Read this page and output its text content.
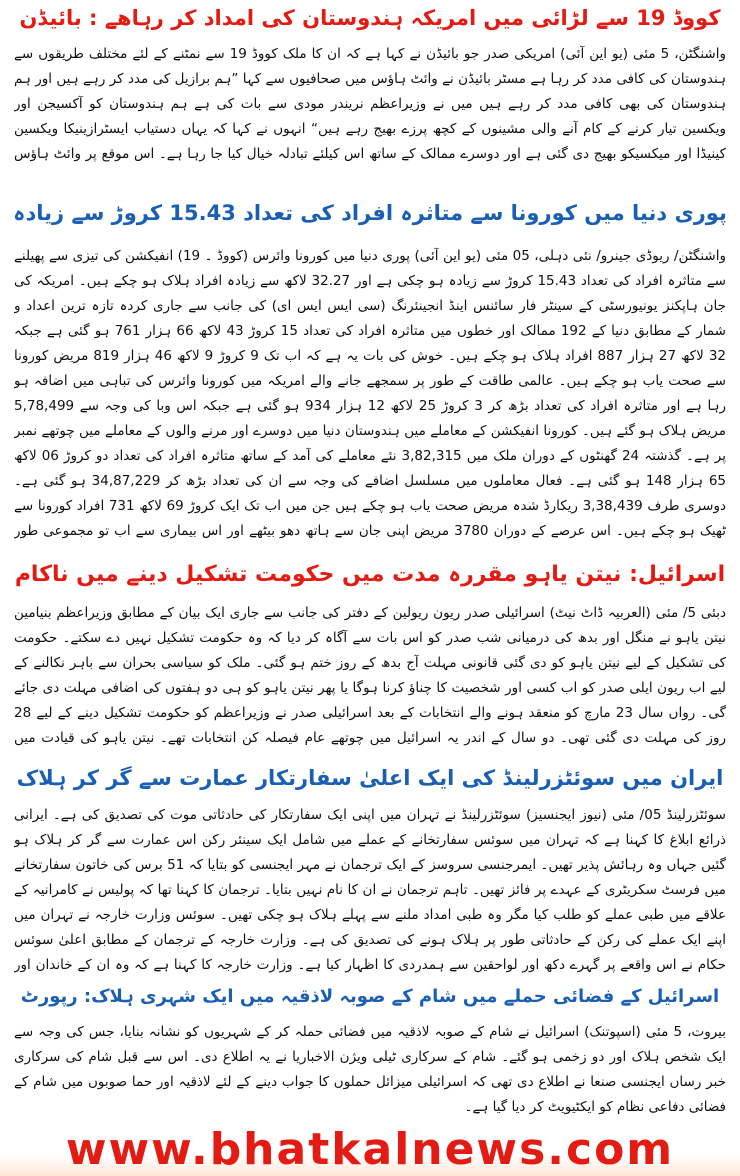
کووڈ 19 سے لڑائی میں امریکہ ہندوستان کی امداد کر رہاھے : بائیڈن
واشنگٹن، 5 مئی (یو این آئی) امریکی صدر جو بائیڈن نے کہا ہے کہ ان کا ملک کووڈ 19 سے نمٹنے کے لئے مختلف طریقوں سے ہندوستان کی کافی مدد کر رہا ہے مسٹر بائیڈن نے وائٹ ہاؤس میں صحافیوں سے کہا ”ہم برازیل کی مدد کر رہے ہیں اور ہم ہندوستان کی بھی کافی مدد کر رہے ہیں میں نے وزیراعظم نریندر مودی سے بات کی ہے ہم ہندوستان کو آکسیجن اور ویکسین تیار کرنے کے کام آنے والی مشینوں کے کچھ پرزے بھیج رہے ہیں“ انہوں نے کہا کہ یہاں دستیاب ایسٹرازینیکا ویکسین کینیڈا اور میکسیکو بھیج دی گئی ہے اور دوسرے ممالک کے ساتھ اس کیلئے تبادلہ خیال کیا جا رہا ہے۔ اس موقع پر وائٹ ہاؤس
پوری دنیا میں کورونا سے متاثرہ افراد کی تعداد 15.43 کروڑ سے زیادہ
واشنگٹن/ ریوڈی جینرو/ نئی دہلی، 05 مئی (یو این آئی) پوری دنیا میں کورونا وائرس (کووڈ ۔ 19) انفیکشن کی تیزی سے پھیلنے سے متاثرہ افراد کی تعداد 15.43 کروڑ سے زیادہ ہو چکی ہے اور 32.27 لاکھ سے زیادہ افراد ہلاک ہو چکے ہیں۔ امریکہ کی جان ہاپکنز یونیورسٹی کے سینٹر فار سائنس اینڈ انجینئرنگ (سی ایس ایس ای) کی جانب سے جاری کردہ تازہ ترین اعداد و شمار کے مطابق دنیا کے 192 ممالک اور خطوں میں متاثرہ افراد کی تعداد 15 کروڑ 43 لاکھ 66 ہزار 761 ہو گئی ہے جبکہ 32 لاکھ 27 ہزار 887 افراد ہلاک ہو چکے ہیں۔ خوش کی بات یہ ہے کہ اب تک 9 کروڑ 9 لاکھ 46 ہزار 819 مریض کورونا سے صحت یاب ہو چکے ہیں۔ عالمی طاقت کے طور پر سمجھے جانے والے امریکہ میں کورونا وائرس کی تباہی میں اضافہ ہو رہا ہے اور متاثرہ افراد کی تعداد بڑھ کر 3 کروڑ 25 لاکھ 12 ہزار 934 ہو گئی ہے جبکہ اس وبا کی وجہ سے 5,78,499 مریض ہلاک ہو گئے ہیں۔ کورونا انفیکشن کے معاملے میں ہندوستان دنیا میں دوسرے اور مرنے والوں کے معاملے میں چوتھے نمبر پر ہے۔ گذشتہ 24 گھنٹوں کے دوران ملک میں 3,82,315 نئے معاملے کی آمد کے ساتھ متاثرہ افراد کی تعداد دو کروڑ 06 لاکھ 65 ہزار 148 ہو گئی ہے۔ فعال معاملوں میں مسلسل اضافے کی وجہ سے ان کی تعداد بڑھ کر 34,87,229 ہو گئی ہے۔ دوسری طرف 3,38,439 ریکارڈ شدہ مریض صحت یاب ہو چکے ہیں جن میں اب تک ایک کروڑ 69 لاکھ 731 افراد کورونا سے ٹھیک ہو چکے ہیں۔ اس عرصے کے دوران 3780 مریض اپنی جان سے ہاتھ دھو بیٹھے اور اس بیماری سے اب تو مجموعی طور
اسرائیل: نیتن یاہو مقررہ مدت میں حکومت تشکیل دینے میں ناکام
دبئی 5/ مئی (العربیہ ڈاٹ نیٹ) اسرائیلی صدر ریون ریولین کے دفتر کی جانب سے جاری ایک بیان کے مطابق وزیراعظم بنیامین نیتن یاہو نے منگل اور بدھ کی درمیانی شب صدر کو اس بات سے آگاہ کر دیا کہ وہ حکومت تشکیل نہیں دے سکتے۔ حکومت کی تشکیل کے لیے نیتن یاہو کو دی گئی قانونی مہلت آج بدھ کے روز ختم ہو گئی۔ ملک کو سیاسی بحران سے باہر نکالنے کے لیے اب ریون ایلی صدر کو اب کسی اور شخصیت کا چناؤ کرنا ہوگا یا پھر نیتن یاہو کو ہی دو ہفتوں کی اضافی مہلت دی جائے گی۔ رواں سال 23 مارچ کو منعقد ہونے والے انتخابات کے بعد اسرائیلی صدر نے وزیراعظم کو حکومت تشکیل دینے کے لیے 28 روز کی مہلت دی گئی تھی۔ دو سال کے اندر یہ اسرائیل میں چوتھے عام فیصلہ کن انتخابات تھے۔ نیتن یاہو کی قیادت میں
ایران میں سوئٹزرلینڈ کی ایک اعلیٰ سفارتکار عمارت سے گر کر ہلاک
سوئٹزرلینڈ 05/ مئی (نیوز ایجنسیز) سوئٹزرلینڈ نے تہران میں اپنی ایک سفارتکار کی حادثاتی موت کی تصدیق کی ہے۔ ایرانی ذرائع ابلاغ کا کہنا ہے کہ تہران میں سوئس سفارتخانے کے عملے میں شامل ایک سینئر رکن اس عمارت سے گر کر ہلاک ہو گئیں جہاں وہ رہائش پذیر تھیں۔ ایمرجنسی سروسز کے ایک ترجمان نے مہر ایجنسی کو بتایا کہ 51 برس کی خاتون سفارتخانے میں فرسٹ سکریٹری کے عہدے پر فائز تھیں۔ تاہم ترجمان نے ان کا نام نہیں بتایا۔ ترجمان کا کہنا تھا کہ پولیس نے کامرانیہ کے علاقے میں طبی عملے کو طلب کیا مگر وہ طبی امداد ملنے سے پہلے ہلاک ہو چکی تھیں۔ سوئس وزارت خارجہ نے تہران میں اپنے ایک عملے کی رکن کے حادثاتی طور پر ہلاک ہونے کی تصدیق کی ہے۔ وزارت خارجہ کے ترجمان کے مطابق اعلیٰ سوئس حکام نے اس واقعے پر گہرے دکھ اور لواحقین سے ہمدردی کا اظہار کیا ہے۔ وزارت خارجہ کا کہنا ہے کہ وہ ان کے خاندان اور
اسرائیل کے فضائی حملے میں شام کے صوبہ لاذقیہ میں ایک شہری ہلاک: رپورٹ
بیروت، 5 مئی (اسپوتنک) اسرائیل نے شام کے صوبہ لاذقیہ میں فضائی حملہ کر کے شہریوں کو نشانہ بنایا، جس کی وجہ سے ایک شخص ہلاک اور دو زخمی ہو گئے۔ شام کے سرکاری ٹیلی ویژن الاخباریا نے یہ اطلاع دی۔ اس سے قبل شام کی سرکاری خبر رساں ایجنسی صنعا نے اطلاع دی تھی کہ اسرائیلی میزائل حملوں کا جواب دینے کے لئے لاذقیہ اور حما صوبوں میں شام کے فضائی دفاعی نظام کو ایکٹیویٹ کر دیا گیا ہے۔
www.bhatkalnews.com
